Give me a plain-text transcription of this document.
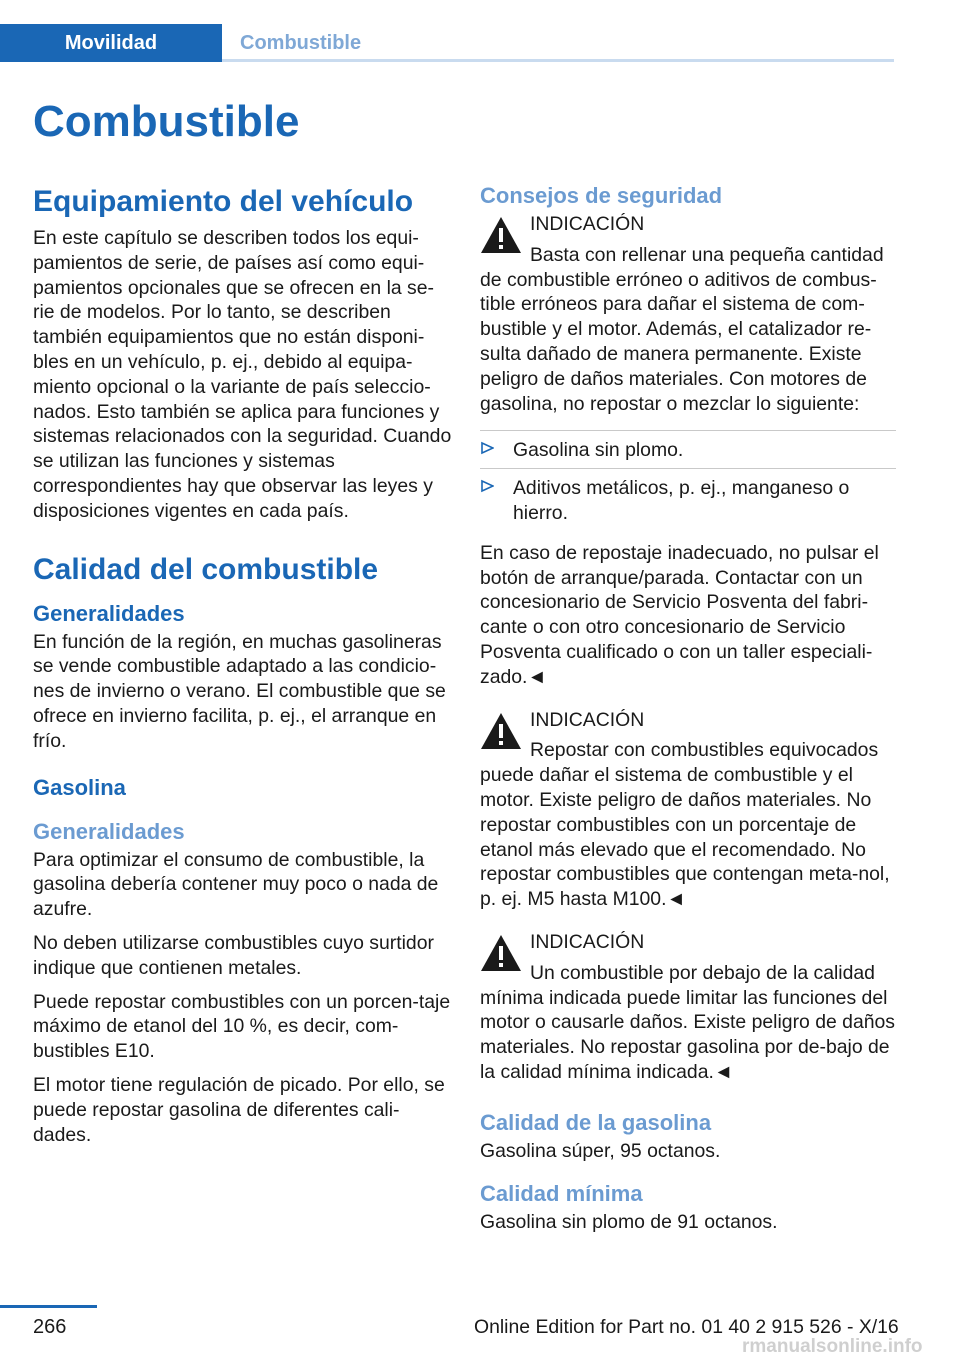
Movilidad	Combustible
Combustible
Equipamiento del vehículo

En este capítulo se describen todos los equi-pamientos de serie, de países así como equi-pamientos opcionales que se ofrecen en la se-rie de modelos. Por lo tanto, se describen también equipamientos que no están disponi-bles en un vehículo, p. ej., debido al equipa-miento opcional o la variante de país seleccio-nados. Esto también se aplica para funciones y sistemas relacionados con la seguridad. Cuando se utilizan las funciones y sistemas correspondientes hay que observar las leyes y disposiciones vigentes en cada país.

Calidad del combustible
Generalidades

En función de la región, en muchas gasolineras se vende combustible adaptado a las condicio-nes de invierno o verano. El combustible que se ofrece en invierno facilita, p. ej., el arranque en frío.

Gasolina
Generalidades

Para optimizar el consumo de combustible, la gasolina debería contener muy poco o nada de azufre.

No deben utilizarse combustibles cuyo surtidor indique que contienen metales.

Puede repostar combustibles con un porcen-taje máximo de etanol del 10 %, es decir, com-bustibles E10.

El motor tiene regulación de picado. Por ello, se puede repostar gasolina de diferentes cali-dades.

Consejos de seguridad

INDICACIÓN

Basta con rellenar una pequeña cantidad de combustible erróneo o aditivos de combus-tible erróneos para dañar el sistema de com-bustible y el motor. Además, el catalizador re-sulta dañado de manera permanente. Existe peligro de daños materiales. Con motores de gasolina, no repostar o mezclar lo siguiente:

Gasolina sin plomo.
Aditivos metálicos, p. ej., manganeso o hierro.

En caso de repostaje inadecuado, no pulsar el botón de arranque/parada. Contactar con un concesionario de Servicio Posventa del fabri-cante o con otro concesionario de Servicio Posventa cualificado o con un taller especiali-zado.◄

INDICACIÓN

Repostar con combustibles equivocados puede dañar el sistema de combustible y el motor. Existe peligro de daños materiales. No repostar combustibles con un porcentaje de etanol más elevado que el recomendado. No repostar combustibles que contengan meta-nol, p. ej. M5 hasta M100.◄

INDICACIÓN

Un combustible por debajo de la calidad mínima indicada puede limitar las funciones del motor o causarle daños. Existe peligro de daños materiales. No repostar gasolina por de-bajo de la calidad mínima indicada.◄

Calidad de la gasolina

Gasolina súper, 95 octanos.

Calidad mínima

Gasolina sin plomo de 91 octanos.

266	Online Edition for Part no. 01 40 2 915 526 - X/16
rmanualsonline.info
